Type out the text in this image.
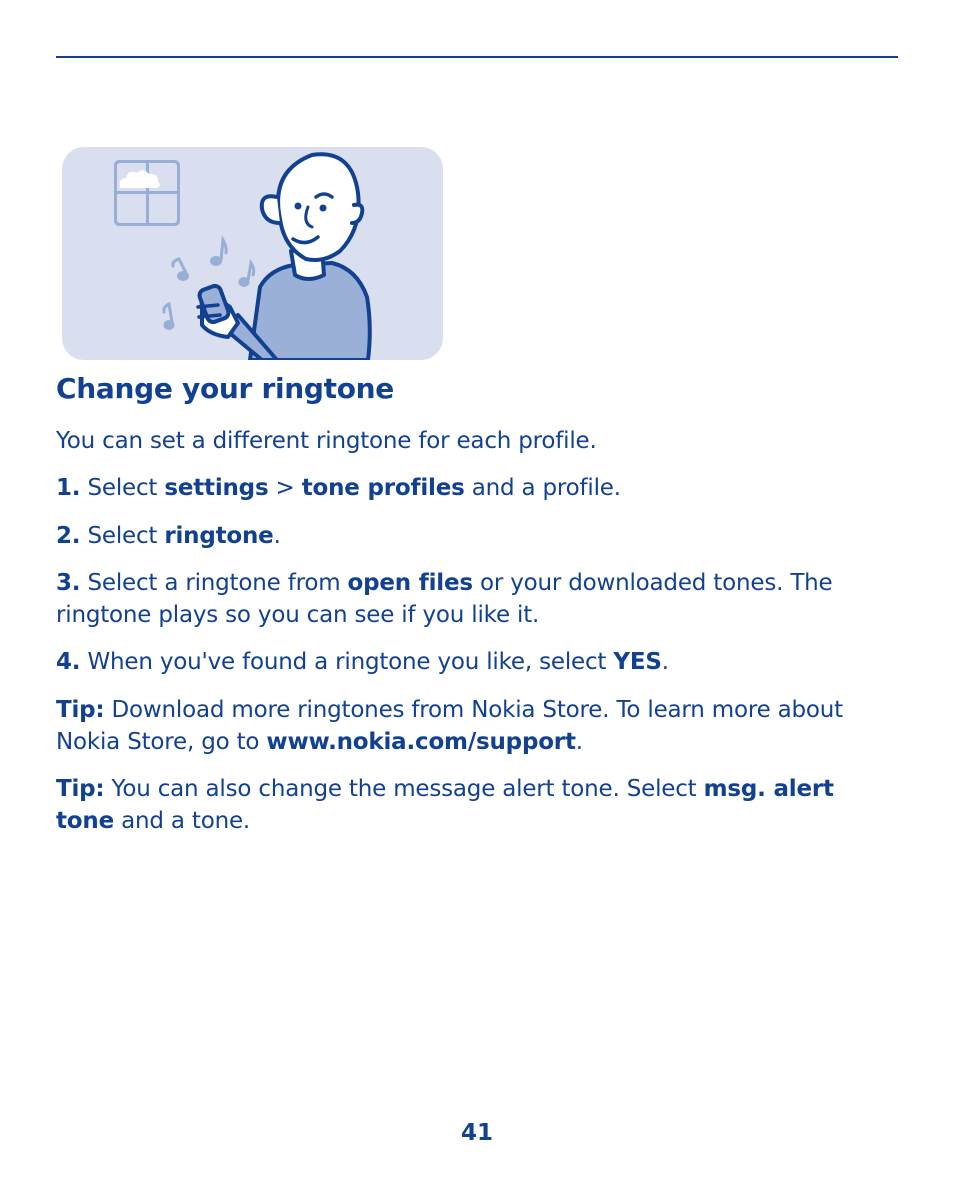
Change your ringtone

You can set a different ringtone for each profile.

1. Select settings > tone profiles and a profile.

2. Select ringtone.

3. Select a ringtone from open files or your downloaded tones. The ringtone plays so you can see if you like it.

4. When you've found a ringtone you like, select YES.

Tip: Download more ringtones from Nokia Store. To learn more about Nokia Store, go to www.nokia.com/support.

Tip: You can also change the message alert tone. Select msg. alert tone and a tone.

41
